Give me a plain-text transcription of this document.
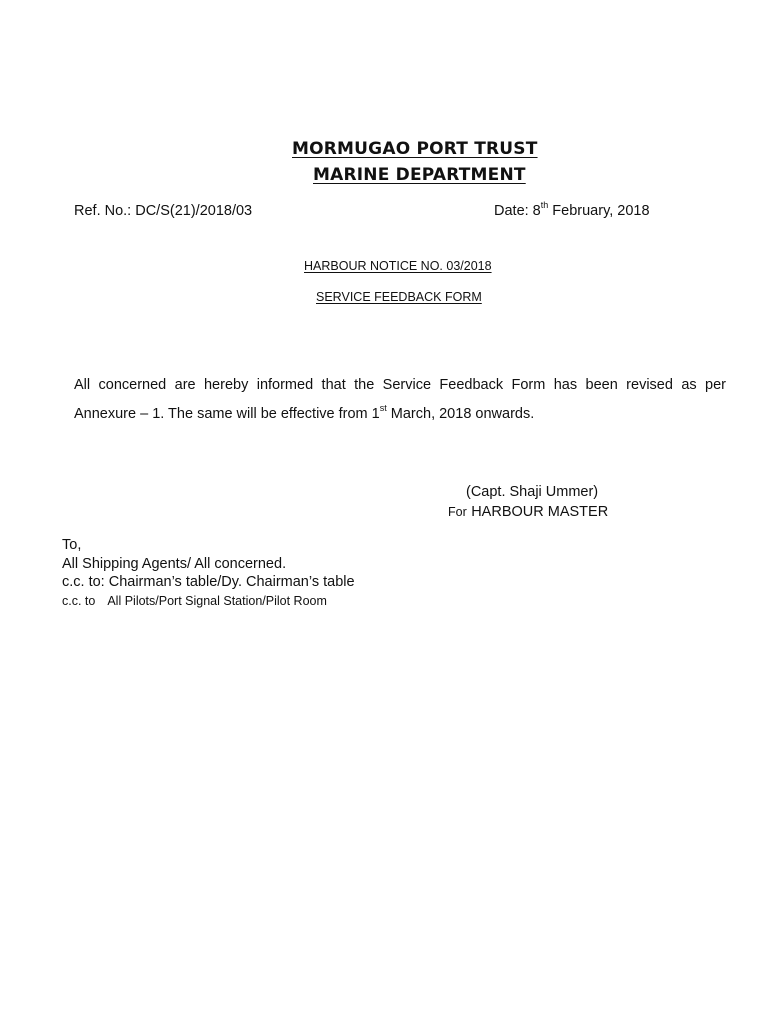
MORMUGAO PORT TRUST
MARINE DEPARTMENT
Ref. No.: DC/S(21)/2018/03	Date: 8th February, 2018
HARBOUR NOTICE NO. 03/2018
SERVICE FEEDBACK FORM
All concerned are hereby informed that the Service Feedback Form has been revised as per Annexure – 1. The same will be effective from 1st March, 2018 onwards.
(Capt. Shaji Ummer)
For HARBOUR MASTER
To,
All Shipping Agents/ All concerned.
c.c. to: Chairman’s table/Dy. Chairman’s table
c.c. to All Pilots/Port Signal Station/Pilot Room
